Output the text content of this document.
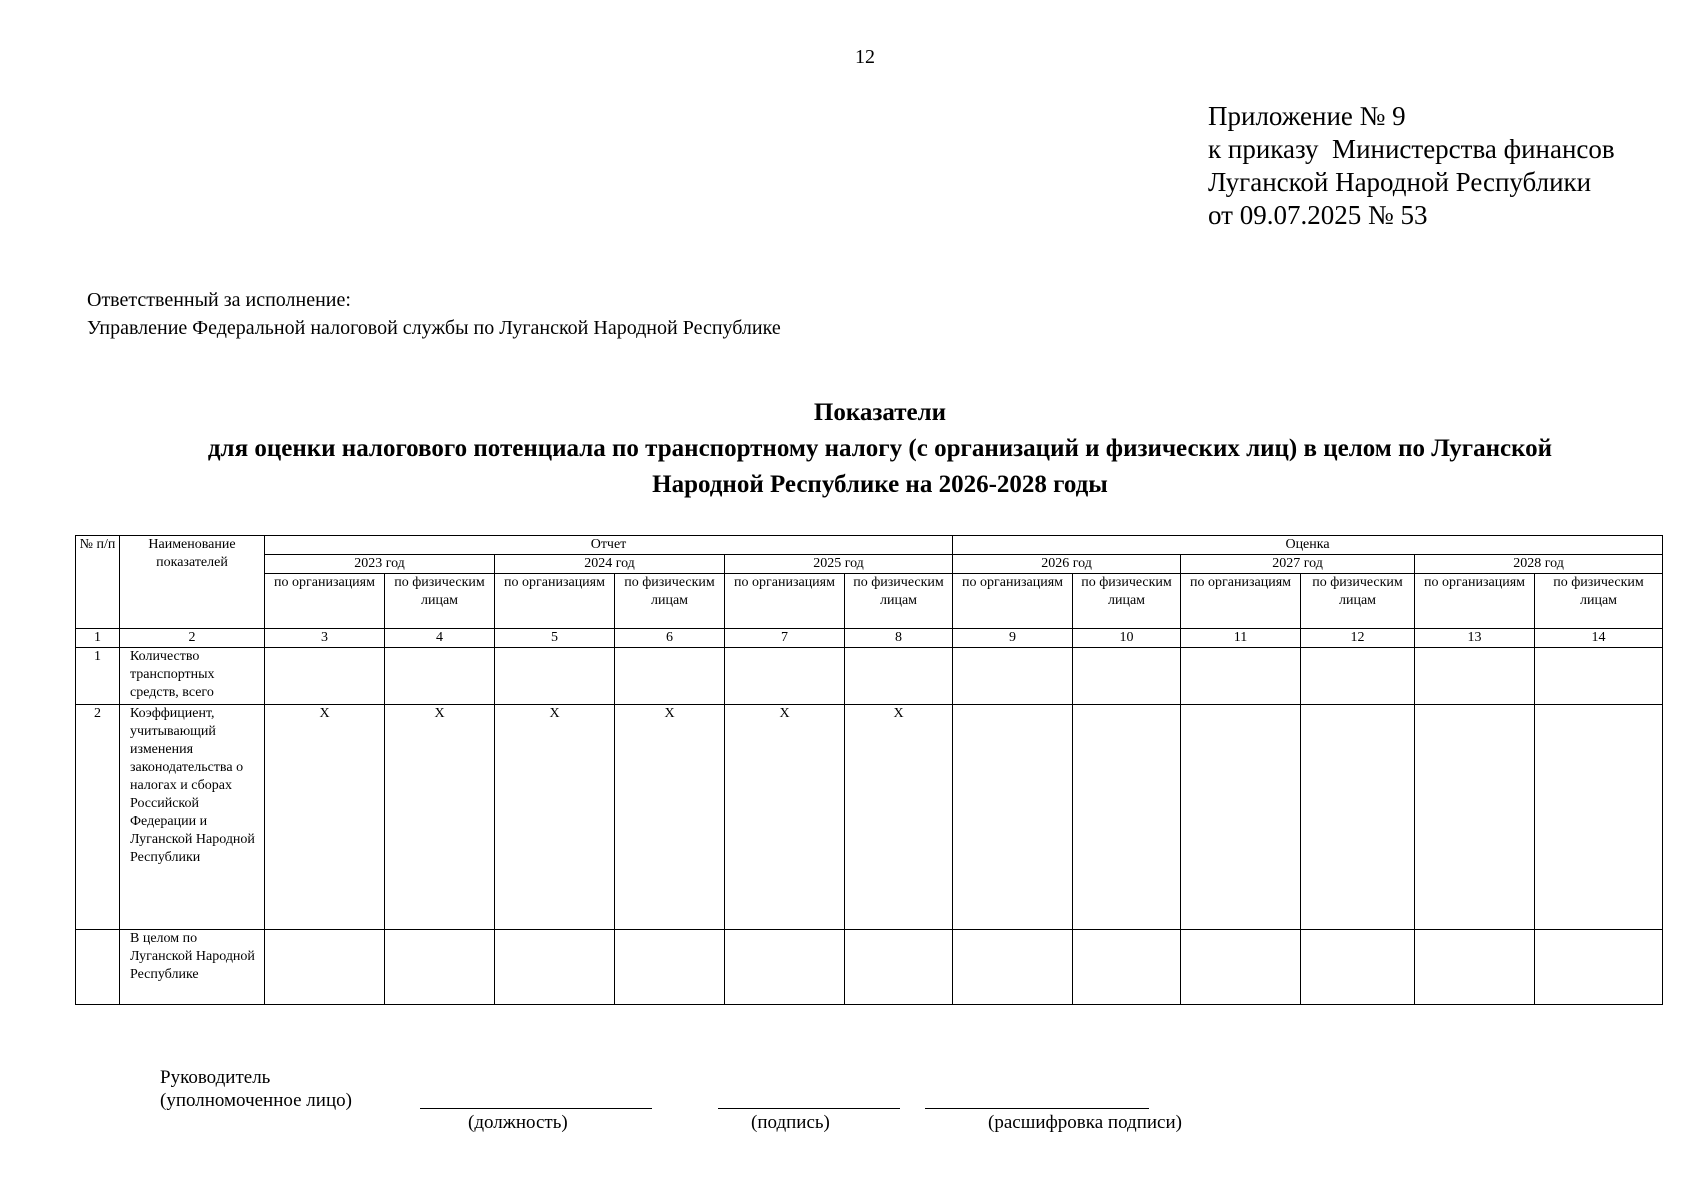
12
Приложение № 9
к приказу  Министерства финансов
Луганской Народной Республики
от 09.07.2025 № 53
Ответственный за исполнение:
Управление Федеральной налоговой службы по Луганской Народной Республике
Показатели
для оценки налогового потенциала по транспортному налогу (с организаций и физических лиц) в целом по Луганской
Народной Республике на 2026-2028 годы
№ п/п	Наименование показателей	Отчет						Оценка					
		2023 год		2024 год		2025 год		2026 год		2027 год		2028 год	
		по организациям	по физическим лицам	по организациям	по физическим лицам	по организациям	по физическим лицам	по организациям	по физическим лицам	по организациям	по физическим лицам	по организациям	по физическим лицам
1	2	3	4	5	6	7	8	9	10	11	12	13	14
1	Количество транспортных средств, всего												
2	Коэффициент, учитывающий изменения законодательства о налогах и сборах Российской Федерации и Луганской Народной Республики	Х	Х	Х	Х	Х	Х						
	В целом по Луганской Народной Республике												
Руководитель
(уполномоченное лицо)
(должность)	(подпись)	(расшифровка подписи)
